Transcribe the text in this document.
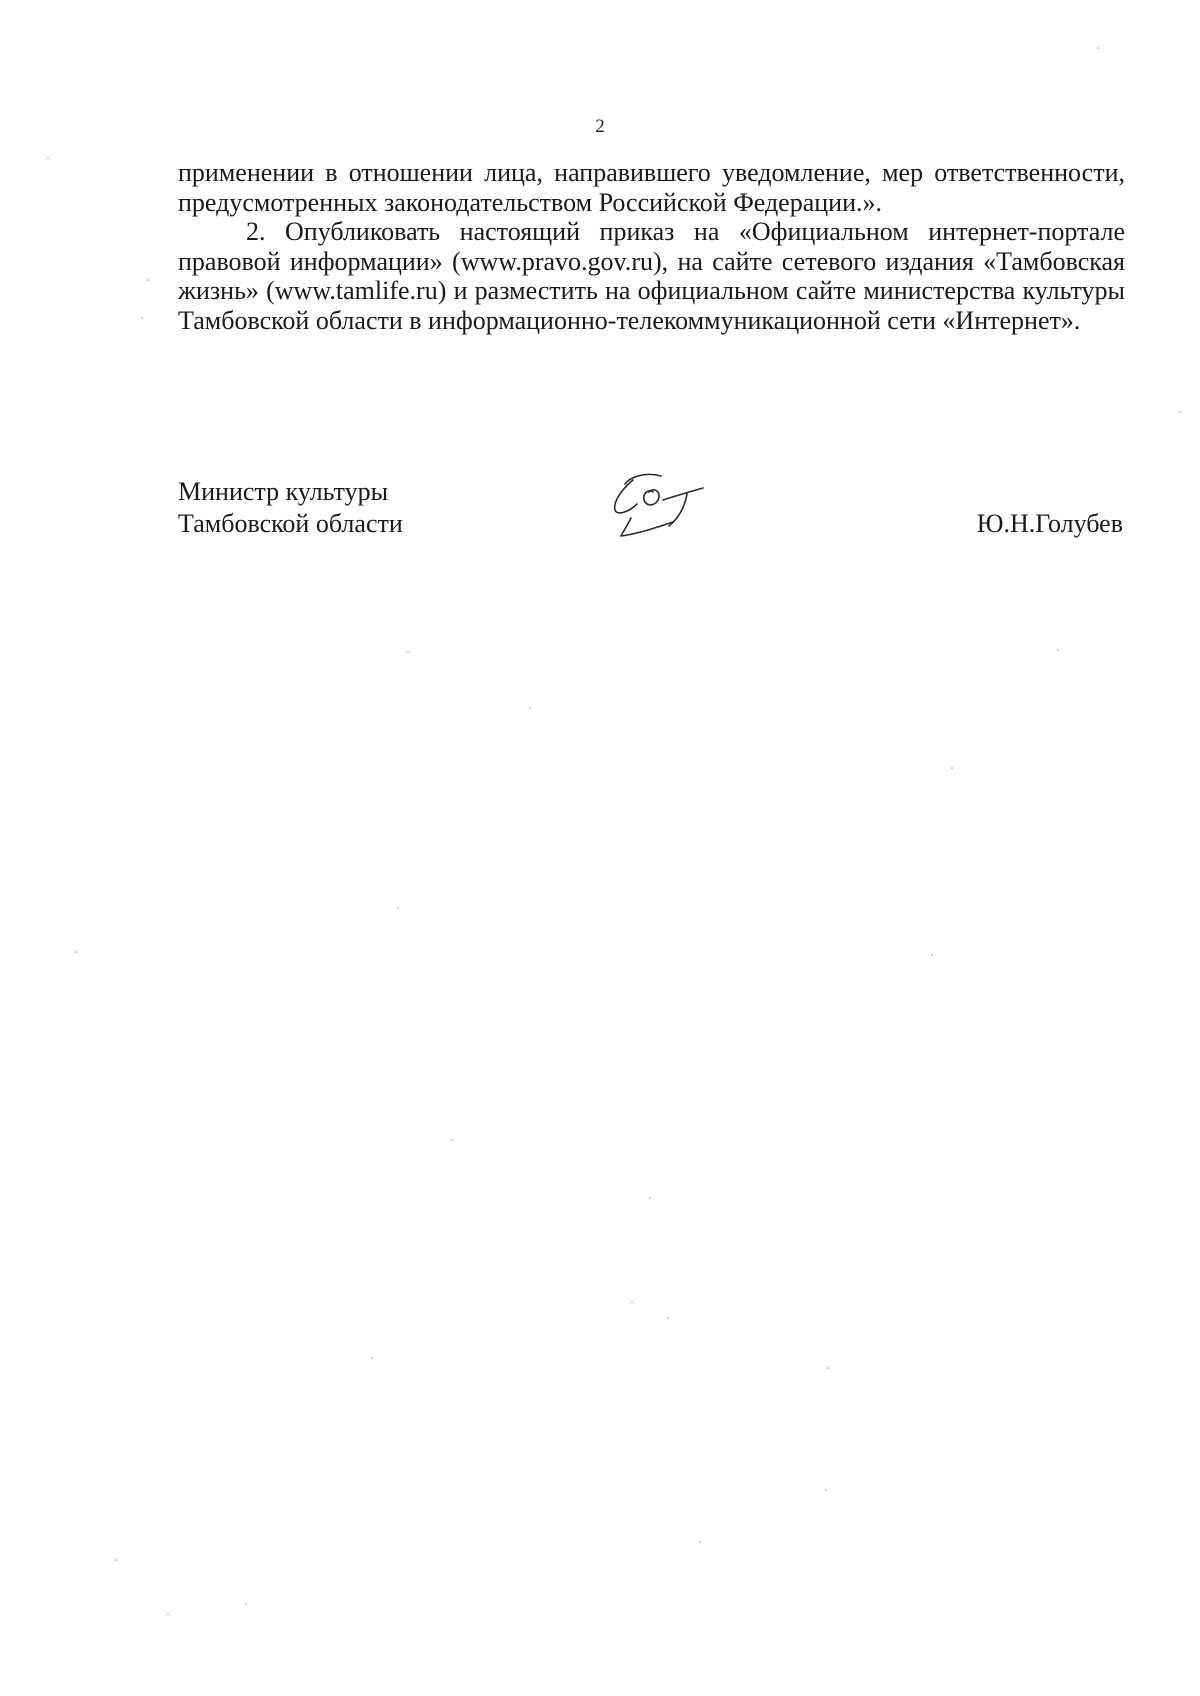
2

применении в отношении лица, направившего уведомление, мер ответственности, предусмотренных законодательством Российской Федерации.».

2. Опубликовать настоящий приказ на «Официальном интернет-портале правовой информации» (www.pravo.gov.ru), на сайте сетевого издания «Тамбовская жизнь» (www.tamlife.ru) и разместить на официальном сайте министерства культуры Тамбовской области в информационно-телекоммуникационной сети «Интернет».

Министр культуры
Тамбовской области	Ю.Н.Голубев
